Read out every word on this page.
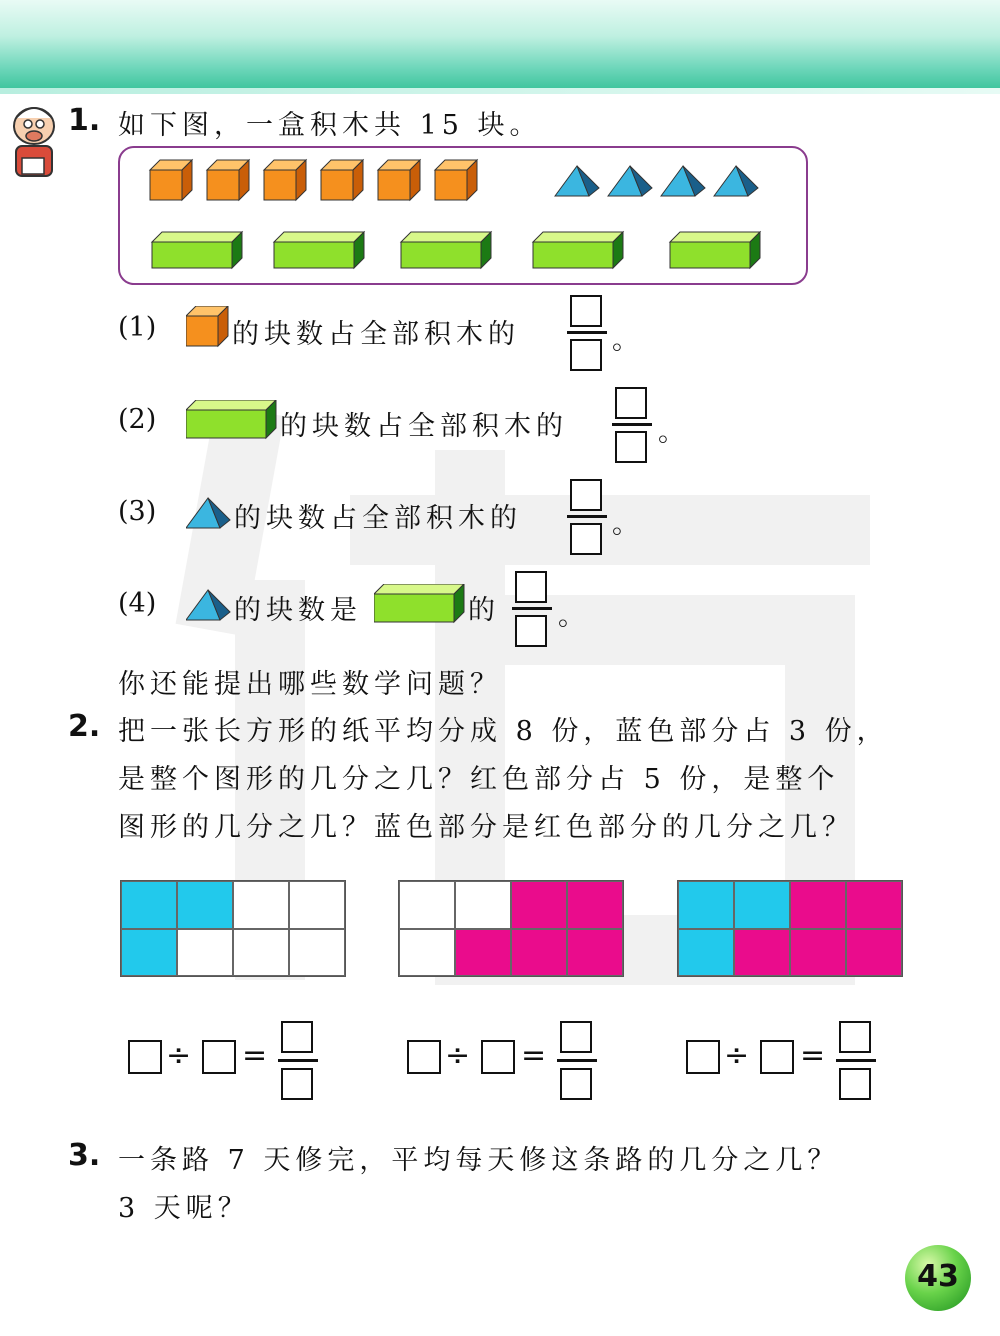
1. 如下图，一盒积木共 15 块。
(1)	的块数占全部积木的	。
(2)	的块数占全部积木的	。
(3)	的块数占全部积木的	。
(4)	的块数是	的 。
你还能提出哪些数学问题？
2. 把一张长方形的纸平均分成 8 份，蓝色部分占 3 份，
是整个图形的几分之几？红色部分占 5 份，是整个
图形的几分之几？蓝色部分是红色部分的几分之几？
÷ =	÷ =	÷ =
3. 一条路 7 天修完，平均每天修这条路的几分之几？
3 天呢？
43
